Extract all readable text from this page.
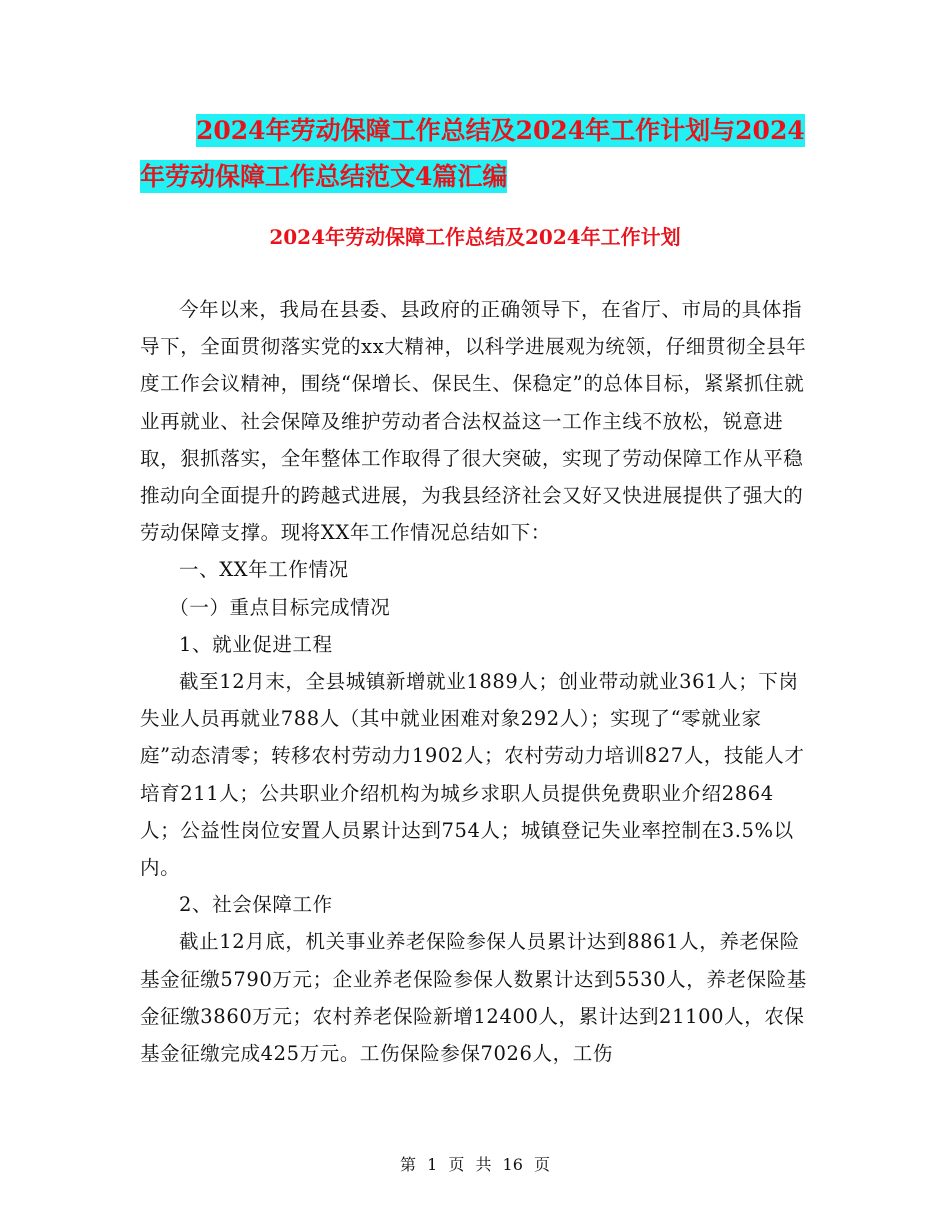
2024年劳动保障工作总结及2024年工作计划与2024
年劳动保障工作总结范文4篇汇编
2024年劳动保障工作总结及2024年工作计划

今年以来，我局在县委、县政府的正确领导下，在省厅、市局的具体指导下，全面贯彻落实党的xx大精神，以科学进展观为统领，仔细贯彻全县年度工作会议精神，围绕“保增长、保民生、保稳定”的总体目标，紧紧抓住就业再就业、社会保障及维护劳动者合法权益这一工作主线不放松，锐意进取，狠抓落实，全年整体工作取得了很大突破，实现了劳动保障工作从平稳推动向全面提升的跨越式进展，为我县经济社会又好又快进展提供了强大的劳动保障支撑。现将XX年工作情况总结如下：

一、XX年工作情况

（一）重点目标完成情况

1、就业促进工程

截至12月末，全县城镇新增就业1889人；创业带动就业361人；下岗失业人员再就业788人（其中就业困难对象292人）；实现了“零就业家庭”动态清零；转移农村劳动力1902人；农村劳动力培训827人，技能人才培育211人；公共职业介绍机构为城乡求职人员提供免费职业介绍2864人；公益性岗位安置人员累计达到754人；城镇登记失业率控制在3.5%以内。

2、社会保障工作

截止12月底，机关事业养老保险参保人员累计达到8861人，养老保险基金征缴5790万元；企业养老保险参保人数累计达到5530人，养老保险基金征缴3860万元；农村养老保险新增12400人，累计达到21100人，农保基金征缴完成425万元。工伤保险参保7026人，工伤

第 1 页 共 16 页
